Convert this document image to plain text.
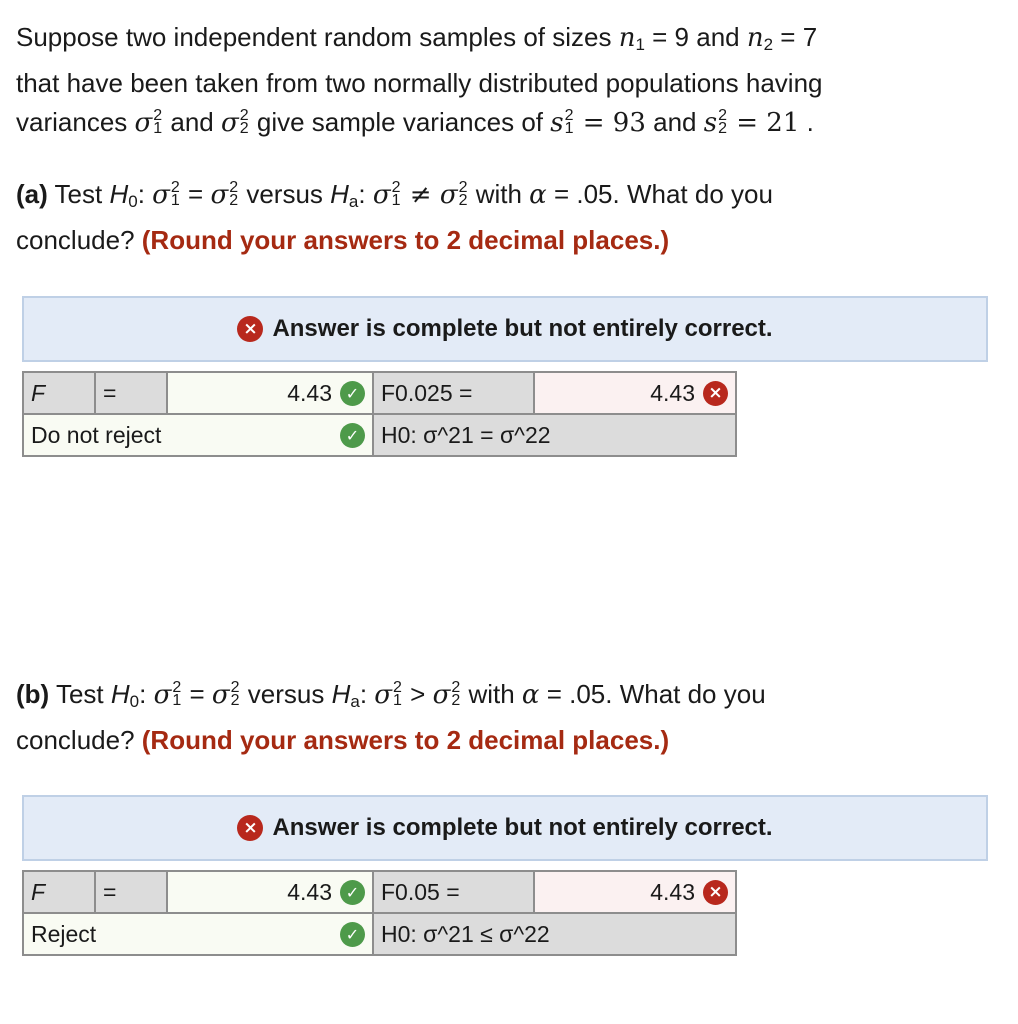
Suppose two independent random samples of sizes $n_1 = 9$ and $n_2 = 7$
that have been taken from two normally distributed populations having
variances σ 2
1 and σ 2
2 give sample variances of s 2
1 = 93 and s 2
2 = 21 .
(a) Test $H_0$: σ 2
1 = σ 2
2 versus $H_a$: σ 2
1 ≠ σ 2
2 with α = .05. What do you
conclude? (Round your answers to 2 decimal places.)
× Answer is complete but not entirely correct.
F	=	4.43 ✓	F0.025 =	4.43 ×

Do not reject ✓			H0: σ^21 = σ^22	
(b) Test $H_0$: σ 2
1 = σ 2
2 versus $H_a$: σ 2
1 > σ 2
2 with α = .05. What do you
conclude? (Round your answers to 2 decimal places.)
× Answer is complete but not entirely correct.
F	=	4.43 ✓	F0.05 =	4.43 ×

Reject ✓			H0: σ^21 ≤ σ^22	
